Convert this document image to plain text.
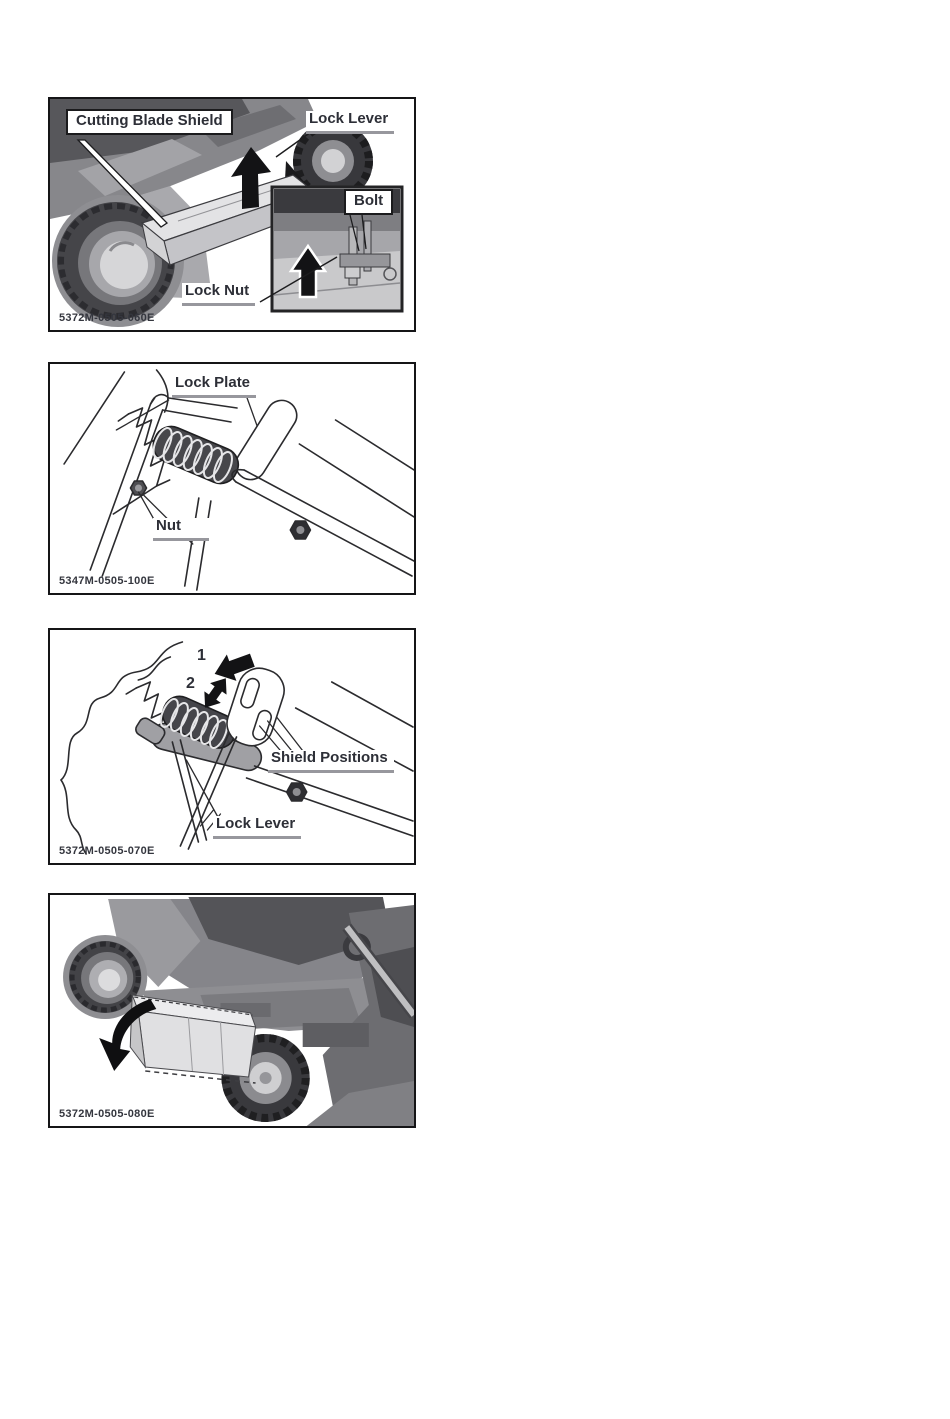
Cutting Blade Shield	Lock Lever
Bolt
Lock Nut
5372M-0505-060E
Lock Plate
Nut
5347M-0505-100E
1
2
Shield Positions
Lock Lever
5372M-0505-070E
5372M-0505-080E
